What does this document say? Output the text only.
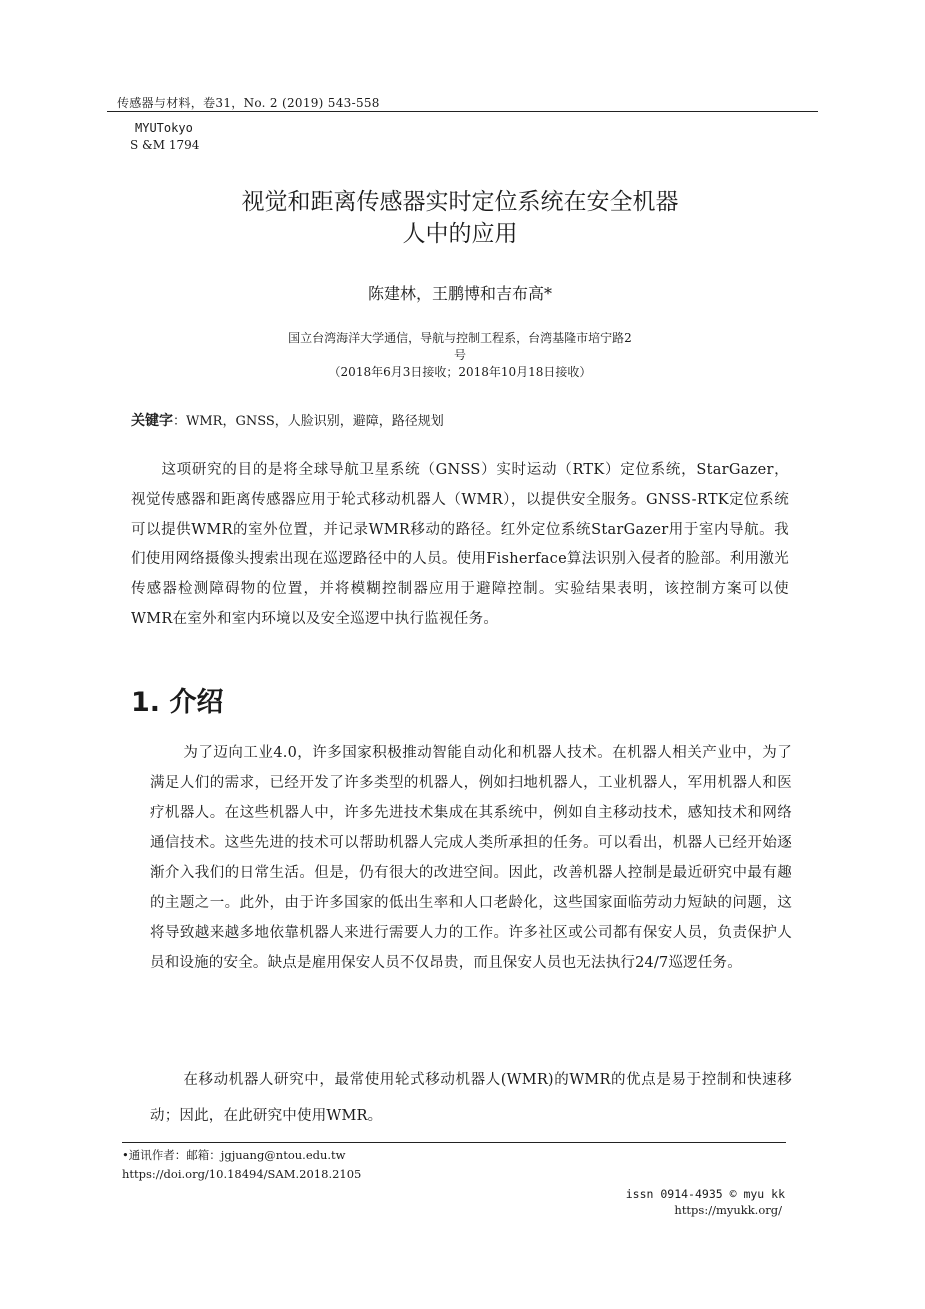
传感器与材料，卷31，No. 2 (2019) 543-558
MYUTokyo
S &M 1794
视觉和距离传感器实时定位系统在安全机器
人中的应用
陈建林，王鹏博和吉布高*
国立台湾海洋大学通信，导航与控制工程系，台湾基隆市培宁路2
号
（2018年6月3日接收；2018年10月18日接收）
关键字：WMR，GNSS，人脸识别，避障，路径规划
这项研究的目的是将全球导航卫星系统（GNSS）实时运动（RTK）定位系统，StarGazer，视觉传感器和距离传感器应用于轮式移动机器人（WMR），以提供安全服务。GNSS-RTK定位系统可以提供WMR的室外位置，并记录WMR移动的路径。红外定位系统StarGazer用于室内导航。我们使用网络摄像头搜索出现在巡逻路径中的人员。使用Fisherface算法识别入侵者的脸部。利用激光传感器检测障碍物的位置，并将模糊控制器应用于避障控制。实验结果表明，该控制方案可以使WMR在室外和室内环境以及安全巡逻中执行监视任务。
1. 介绍
为了迈向工业4.0，许多国家积极推动智能自动化和机器人技术。在机器人相关产业中，为了满足人们的需求，已经开发了许多类型的机器人，例如扫地机器人，工业机器人，军用机器人和医疗机器人。在这些机器人中，许多先进技术集成在其系统中，例如自主移动技术，感知技术和网络通信技术。这些先进的技术可以帮助机器人完成人类所承担的任务。可以看出，机器人已经开始逐渐介入我们的日常生活。但是，仍有很大的改进空间。因此，改善机器人控制是最近研究中最有趣的主题之一。此外，由于许多国家的低出生率和人口老龄化，这些国家面临劳动力短缺的问题，这将导致越来越多地依靠机器人来进行需要人力的工作。许多社区或公司都有保安人员，负责保护人员和设施的安全。缺点是雇用保安人员不仅昂贵，而且保安人员也无法执行24/7巡逻任务。
在移动机器人研究中，最常使用轮式移动机器人(WMR)的WMR的优点是易于控制和快速移动；因此，在此研究中使用WMR。
•通讯作者：邮箱：jgjuang@ntou.edu.tw https://doi.org/10.18494/SAM.2018.2105
issn 0914-4935 © myu kk
https://myukk.org/
